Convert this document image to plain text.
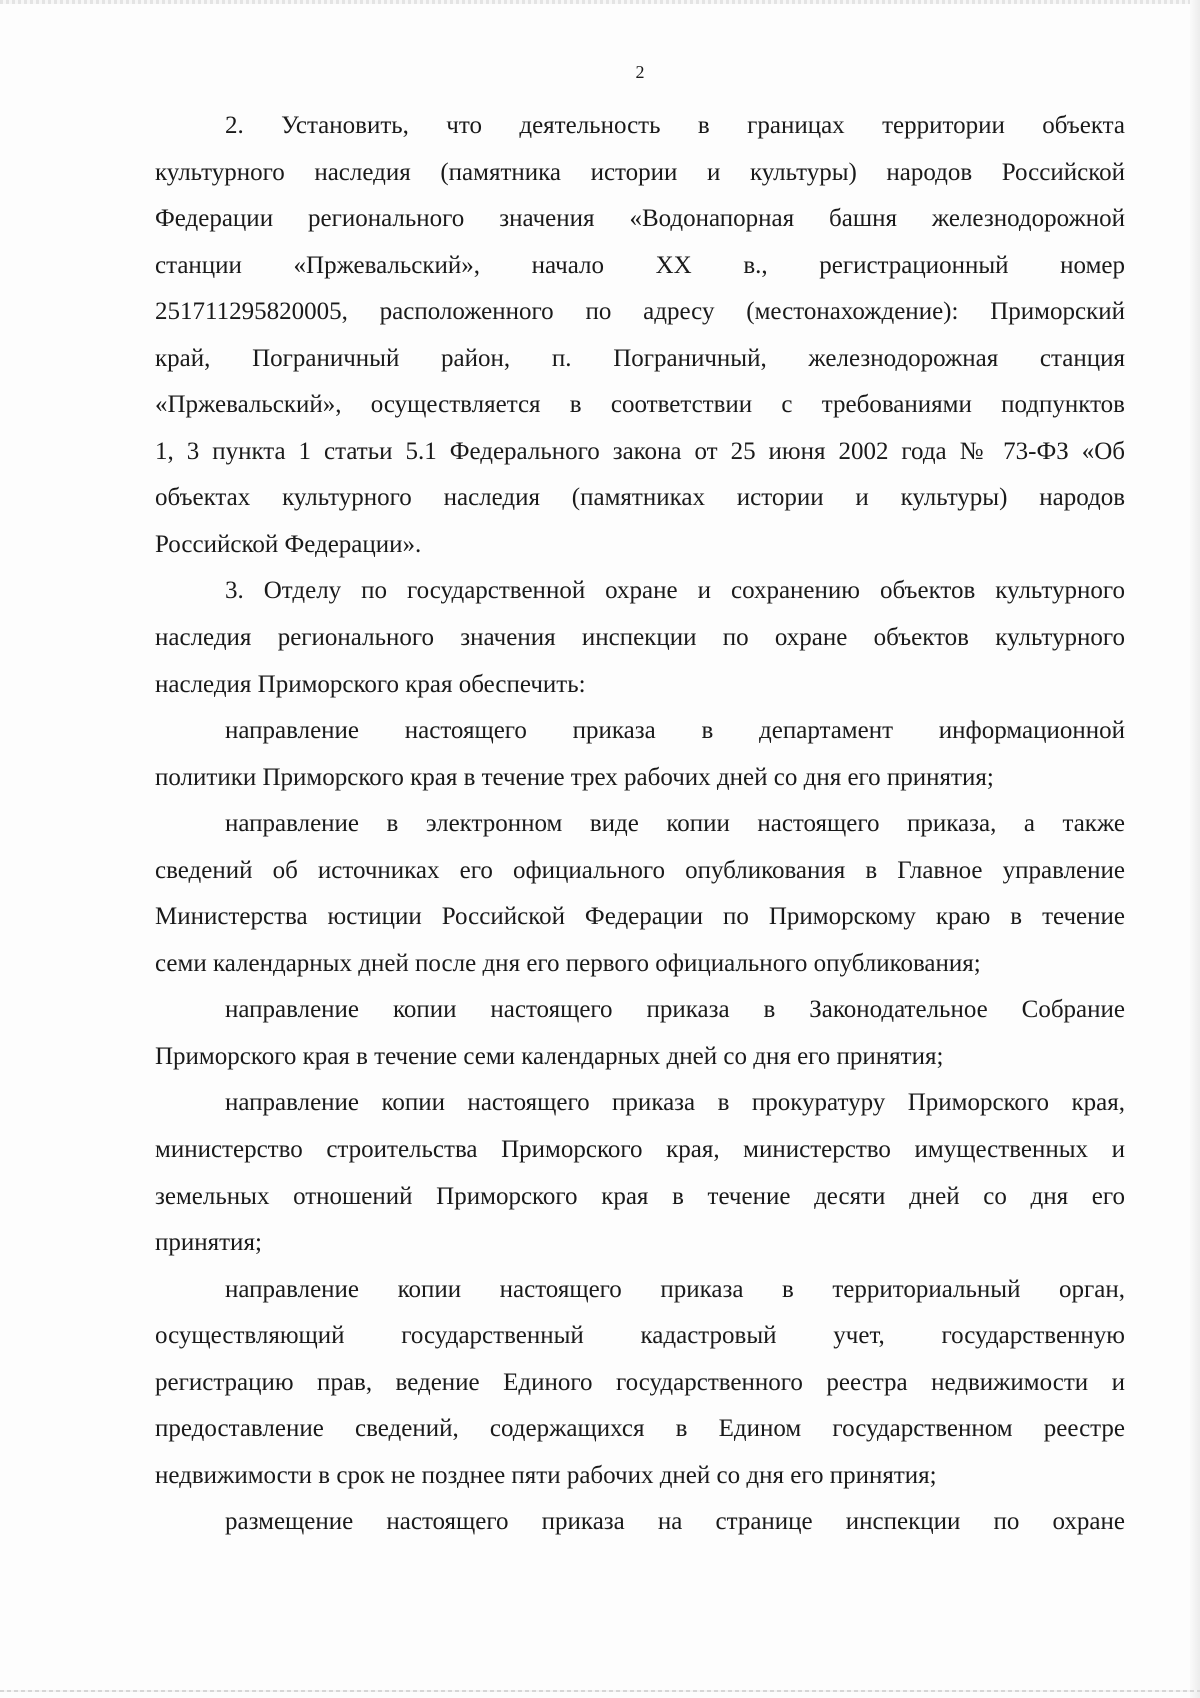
2
2. Установить, что деятельность в границах территории объекта
культурного наследия (памятника истории и культуры) народов Российской
Федерации регионального значения «Водонапорная башня железнодорожной
станции «Пржевальский», начало XX в., регистрационный номер
251711295820005, расположенного по адресу (местонахождение): Приморский
край, Пограничный район, п. Пограничный, железнодорожная станция
«Пржевальский», осуществляется в соответствии с требованиями подпунктов
1, 3 пункта 1 статьи 5.1 Федерального закона от 25 июня 2002 года № 73-ФЗ «Об
объектах культурного наследия (памятниках истории и культуры) народов
Российской Федерации».
3. Отделу по государственной охране и сохранению объектов культурного
наследия регионального значения инспекции по охране объектов культурного
наследия Приморского края обеспечить:
направление настоящего приказа в департамент информационной
политики Приморского края в течение трех рабочих дней со дня его принятия;
направление в электронном виде копии настоящего приказа, а также
сведений об источниках его официального опубликования в Главное управление
Министерства юстиции Российской Федерации по Приморскому краю в течение
семи календарных дней после дня его первого официального опубликования;
направление копии настоящего приказа в Законодательное Собрание
Приморского края в течение семи календарных дней со дня его принятия;
направление копии настоящего приказа в прокуратуру Приморского края,
министерство строительства Приморского края, министерство имущественных и
земельных отношений Приморского края в течение десяти дней со дня его
принятия;
направление копии настоящего приказа в территориальный орган,
осуществляющий государственный кадастровый учет, государственную
регистрацию прав, ведение Единого государственного реестра недвижимости и
предоставление сведений, содержащихся в Едином государственном реестре
недвижимости в срок не позднее пяти рабочих дней со дня его принятия;
размещение настоящего приказа на странице инспекции по охране
